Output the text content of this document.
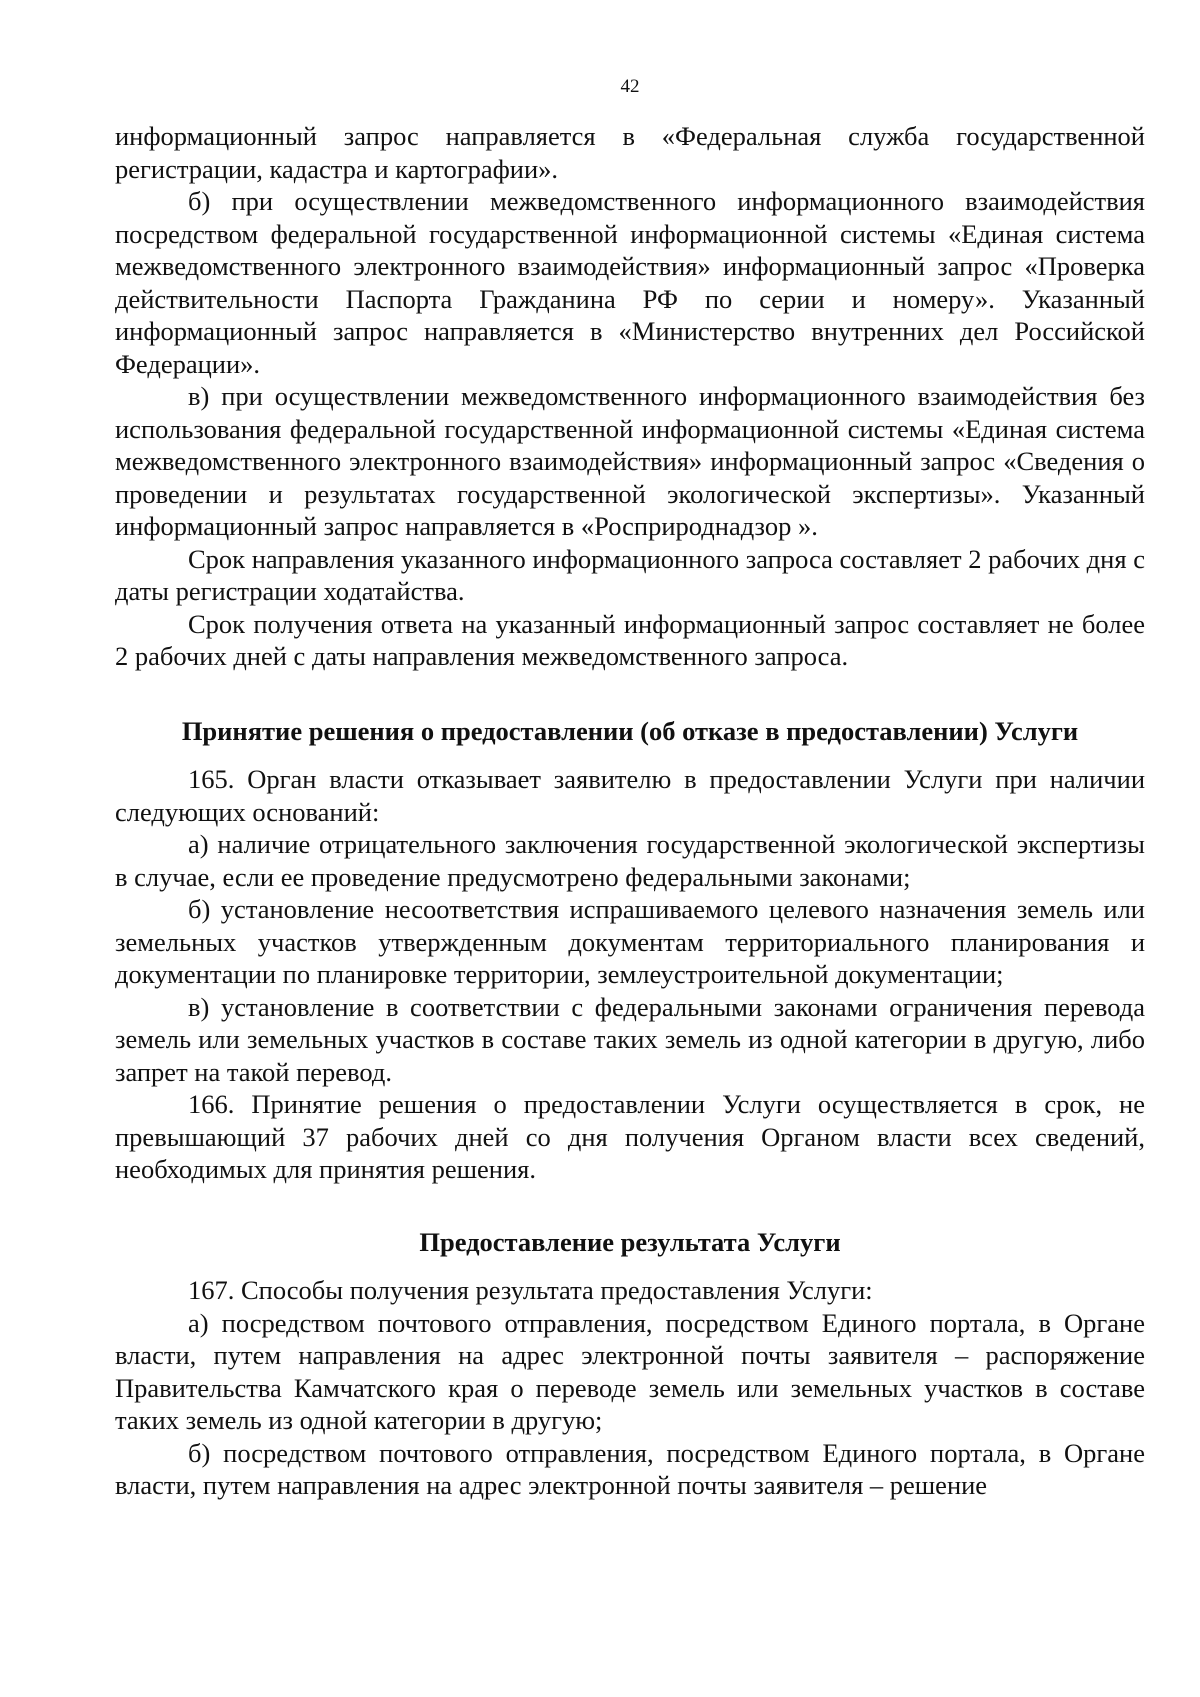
42

информационный запрос направляется в «Федеральная служба государственной регистрации, кадастра и картографии».

б) при осуществлении межведомственного информационного взаимодействия посредством федеральной государственной информационной системы «Единая система межведомственного электронного взаимодействия» информационный запрос «Проверка действительности Паспорта Гражданина РФ по серии и номеру». Указанный информационный запрос направляется в «Министерство внутренних дел Российской Федерации».

в) при осуществлении межведомственного информационного взаимодействия без использования федеральной государственной информационной системы «Единая система межведомственного электронного взаимодействия» информационный запрос «Сведения о проведении и результатах государственной экологической экспертизы». Указанный информационный запрос направляется в «Росприроднадзор ».

Срок направления указанного информационного запроса составляет 2 рабочих дня с даты регистрации ходатайства.

Срок получения ответа на указанный информационный запрос составляет не более 2 рабочих дней с даты направления межведомственного запроса.

Принятие решения о предоставлении (об отказе в предоставлении) Услуги

165. Орган власти отказывает заявителю в предоставлении Услуги при наличии следующих оснований:

а) наличие отрицательного заключения государственной экологической экспертизы в случае, если ее проведение предусмотрено федеральными законами;

б) установление несоответствия испрашиваемого целевого назначения земель или земельных участков утвержденным документам территориального планирования и документации по планировке территории, землеустроительной документации;

в) установление в соответствии с федеральными законами ограничения перевода земель или земельных участков в составе таких земель из одной категории в другую, либо запрет на такой перевод.

166. Принятие решения о предоставлении Услуги осуществляется в срок, не превышающий 37 рабочих дней со дня получения Органом власти всех сведений, необходимых для принятия решения.

Предоставление результата Услуги

167. Способы получения результата предоставления Услуги:

а) посредством почтового отправления, посредством Единого портала, в Органе власти, путем направления на адрес электронной почты заявителя – распоряжение Правительства Камчатского края о переводе земель или земельных участков в составе таких земель из одной категории в другую;

б) посредством почтового отправления, посредством Единого портала, в Органе власти, путем направления на адрес электронной почты заявителя – решение
